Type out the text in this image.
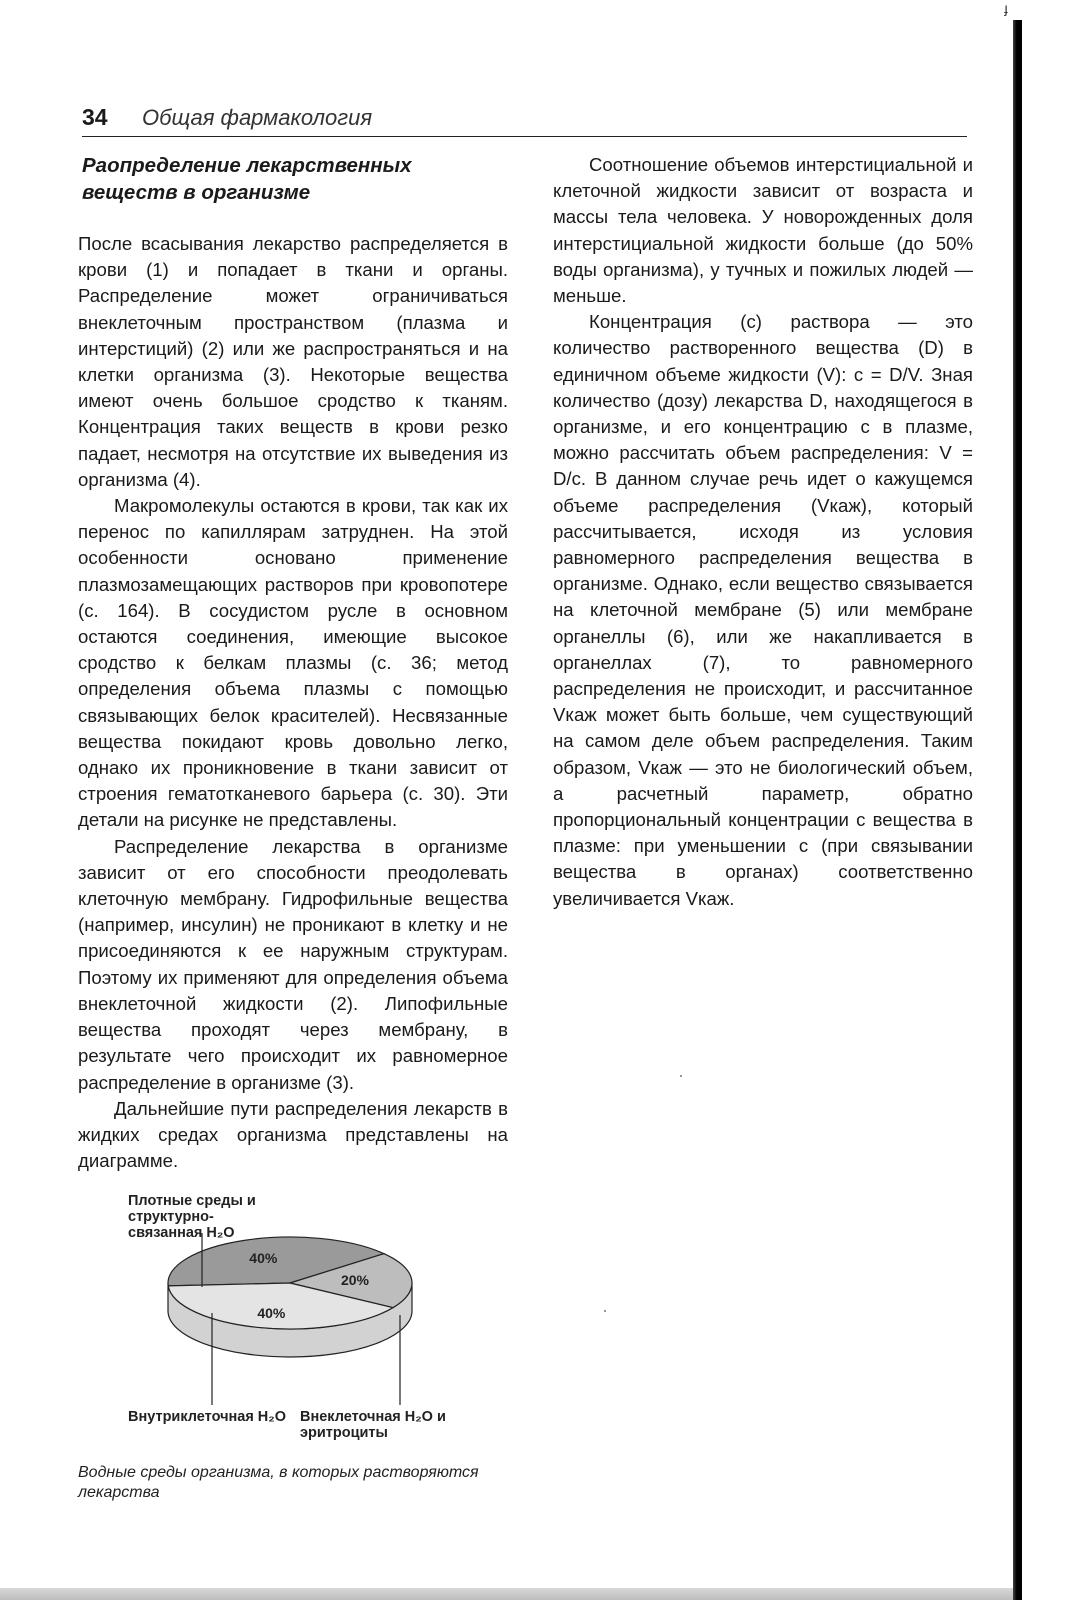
ɟ
34 Общая фармакология
Раопределение лекарственных
веществ в организме

После всасывания лекарство распределяется в крови (1) и попадает в ткани и органы. Распределение может ограничиваться внеклеточным пространством (плазма и интерстиций) (2) или же распространяться и на клетки организма (3). Некоторые вещества имеют очень большое сродство к тканям. Концентрация таких веществ в крови резко падает, несмотря на отсутствие их выведения из организма (4).

Макромолекулы остаются в крови, так как их перенос по капиллярам затруднен. На этой особенности основано применение плазмозамещающих растворов при кровопотере (с. 164). В сосудистом русле в основном остаются соединения, имеющие высокое сродство к белкам плазмы (с. 36; метод определения объема плазмы с помощью связывающих белок красителей). Несвязанные вещества покидают кровь довольно легко, однако их проникновение в ткани зависит от строения гематотканевого барьера (с. 30). Эти детали на рисунке не представлены.

Распределение лекарства в организме зависит от его способности преодолевать клеточную мембрану. Гидрофильные вещества (например, инсулин) не проникают в клетку и не присоединяются к ее наружным структурам. Поэтому их применяют для определения объема внеклеточной жидкости (2). Липофильные вещества проходят через мембрану, в результате чего происходит их равномерное распределение в организме (3).

Дальнейшие пути распределения лекарств в жидких средах организма представлены на диаграмме.

Соотношение объемов интерстициальной и клеточной жидкости зависит от возраста и массы тела человека. У новорожденных доля интерстициальной жидкости больше (до 50% воды организма), у тучных и пожилых людей — меньше.

Концентрация (c) раствора — это количество растворенного вещества (D) в единичном объеме жидкости (V): c = D/V. Зная количество (дозу) лекарства D, находящегося в организме, и его концентрацию c в плазме, можно рассчитать объем распределения: V = D/c. В данном случае речь идет о кажущемся объеме распределения (Vкаж), который рассчитывается, исходя из условия равномерного распределения вещества в организме. Однако, если вещество связывается на клеточной мембране (5) или мембране органеллы (6), или же накапливается в органеллах (7), то равномерного распределения не происходит, и рассчитанное Vкаж может быть больше, чем существующий на самом деле объем распределения. Таким образом, Vкаж — это не биологический объем, а расчетный параметр, обратно пропорциональный концентрации c вещества в плазме: при уменьшении c (при связывании вещества в органах) соответственно увеличивается Vкаж.

Плотные среды и структурно-связанная H₂O
Внутриклеточная H₂O Внеклеточная H₂O и эритроциты
40%
20%
40%
Водные среды организма, в которых растворяются лекарства
